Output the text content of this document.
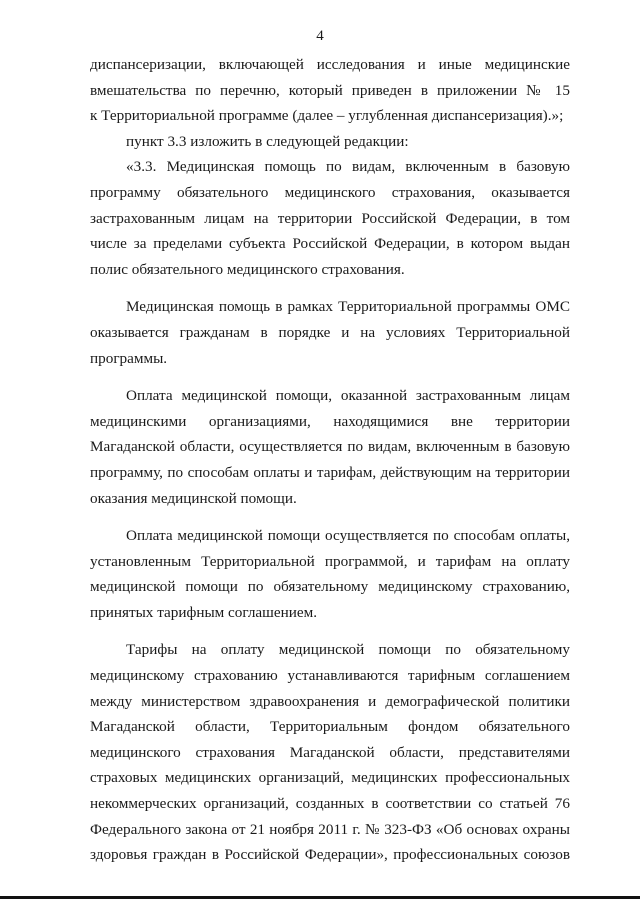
4
диспансеризации, включающей исследования и иные медицинские
вмешательства по перечню, который приведен в приложении № 15
к Территориальной программе (далее – углубленная диспансеризация).»;
пункт 3.3 изложить в следующей редакции:
«3.3. Медицинская помощь по видам, включенным в базовую
программу обязательного медицинского страхования, оказывается
застрахованным лицам на территории Российской Федерации, в том
числе за пределами субъекта Российской Федерации, в котором выдан
полис обязательного медицинского страхования.
Медицинская помощь в рамках Территориальной программы ОМС
оказывается гражданам в порядке и на условиях Территориальной
программы.
Оплата медицинской помощи, оказанной застрахованным лицам
медицинскими организациями, находящимися вне территории
Магаданской области, осуществляется по видам, включенным в базовую
программу, по способам оплаты и тарифам, действующим на территории
оказания медицинской помощи.
Оплата медицинской помощи осуществляется по способам оплаты,
установленным Территориальной программой, и тарифам на оплату
медицинской помощи по обязательному медицинскому страхованию,
принятых тарифным соглашением.
Тарифы на оплату медицинской помощи по обязательному
медицинскому страхованию устанавливаются тарифным соглашением
между министерством здравоохранения и демографической политики
Магаданской области, Территориальным фондом обязательного
медицинского страхования Магаданской области, представителями
страховых медицинских организаций, медицинских профессиональных
некоммерческих организаций, созданных в соответствии со статьей 76
Федерального закона от 21 ноября 2011 г. № 323-ФЗ «Об основах охраны
здоровья граждан в Российской Федерации», профессиональных союзов
